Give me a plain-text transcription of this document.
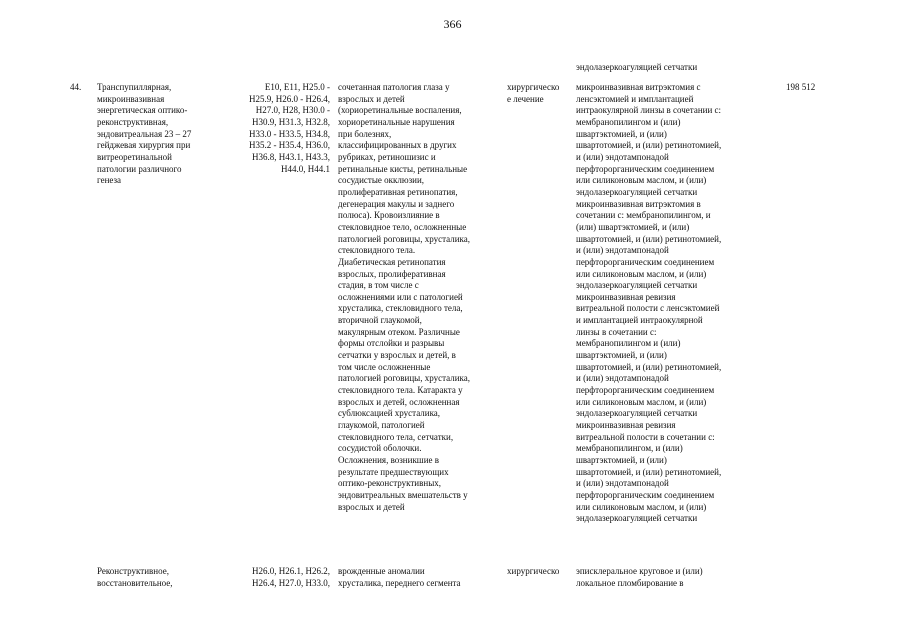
366
эндолазеркоагуляцией сетчатки
44. Транспупиллярная,
микроинвазивная
энергетическая оптико-
реконструктивная,
эндовитреальная 23 – 27
гейджевая хирургия при
витреоретинальной
патологии различного
генеза
E10, E11, H25.0 -
H25.9, H26.0 - H26.4,
H27.0, H28, H30.0 -
H30.9, H31.3, H32.8,
H33.0 - H33.5, H34.8,
H35.2 - H35.4, H36.0,
H36.8, H43.1, H43.3,
H44.0, H44.1
сочетанная патология глаза у
взрослых и детей
(хориоретинальные воспаления,
хориоретинальные нарушения
при болезнях,
классифицированных в других
рубриках, ретиношизис и
ретинальные кисты, ретинальные
сосудистые окклюзии,
пролиферативная ретинопатия,
дегенерация макулы и заднего
полюса). Кровоизлияние в
стекловидное тело, осложненные
патологией роговицы, хрусталика,
стекловидного тела.
Диабетическая ретинопатия
взрослых, пролиферативная
стадия, в том числе с
осложнениями или с патологией
хрусталика, стекловидного тела,
вторичной глаукомой,
макулярным отеком. Различные
формы отслойки и разрывы
сетчатки у взрослых и детей, в
том числе осложненные
патологией роговицы, хрусталика,
стекловидного тела. Катаракта у
взрослых и детей, осложненная
сублюксацией хрусталика,
глаукомой, патологией
стекловидного тела, сетчатки,
сосудистой оболочки.
Осложнения, возникшие в
результате предшествующих
оптико-реконструктивных,
эндовитреальных вмешательств у
взрослых и детей
хирургическо
е лечение
микроинвазивная витрэктомия с
ленсэктомией и имплантацией
интраокулярной линзы в сочетании с:
мембранопилингом и (или)
швартэктомией, и (или)
швартотомией, и (или) ретинотомией,
и (или) эндотампонадой
перфторорганическим соединением
или силиконовым маслом, и (или)
эндолазеркоагуляцией сетчатки
микроинвазивная витрэктомия в
сочетании с: мембранопилингом, и
(или) швартэктомией, и (или)
швартотомией, и (или) ретинотомией,
и (или) эндотампонадой
перфторорганическим соединением
или силиконовым маслом, и (или)
эндолазеркоагуляцией сетчатки
микроинвазивная ревизия
витреальной полости с ленсэктомией
и имплантацией интраокулярной
линзы в сочетании с:
мембранопилингом и (или)
швартэктомией, и (или)
швартотомией, и (или) ретинотомией,
и (или) эндотампонадой
перфторорганическим соединением
или силиконовым маслом, и (или)
эндолазеркоагуляцией сетчатки
микроинвазивная ревизия
витреальной полости в сочетании с:
мембранопилингом, и (или)
швартэктомией, и (или)
швартотомией, и (или) ретинотомией,
и (или) эндотампонадой
перфторорганическим соединением
или силиконовым маслом, и (или)
эндолазеркоагуляцией сетчатки
198 512
Реконструктивное,
восстановительное,
H26.0, H26.1, H26.2,
H26.4, H27.0, H33.0,
врожденные аномалии
хрусталика, переднего сегмента
хирургическо эписклеральное круговое и (или)
локальное пломбирование в
